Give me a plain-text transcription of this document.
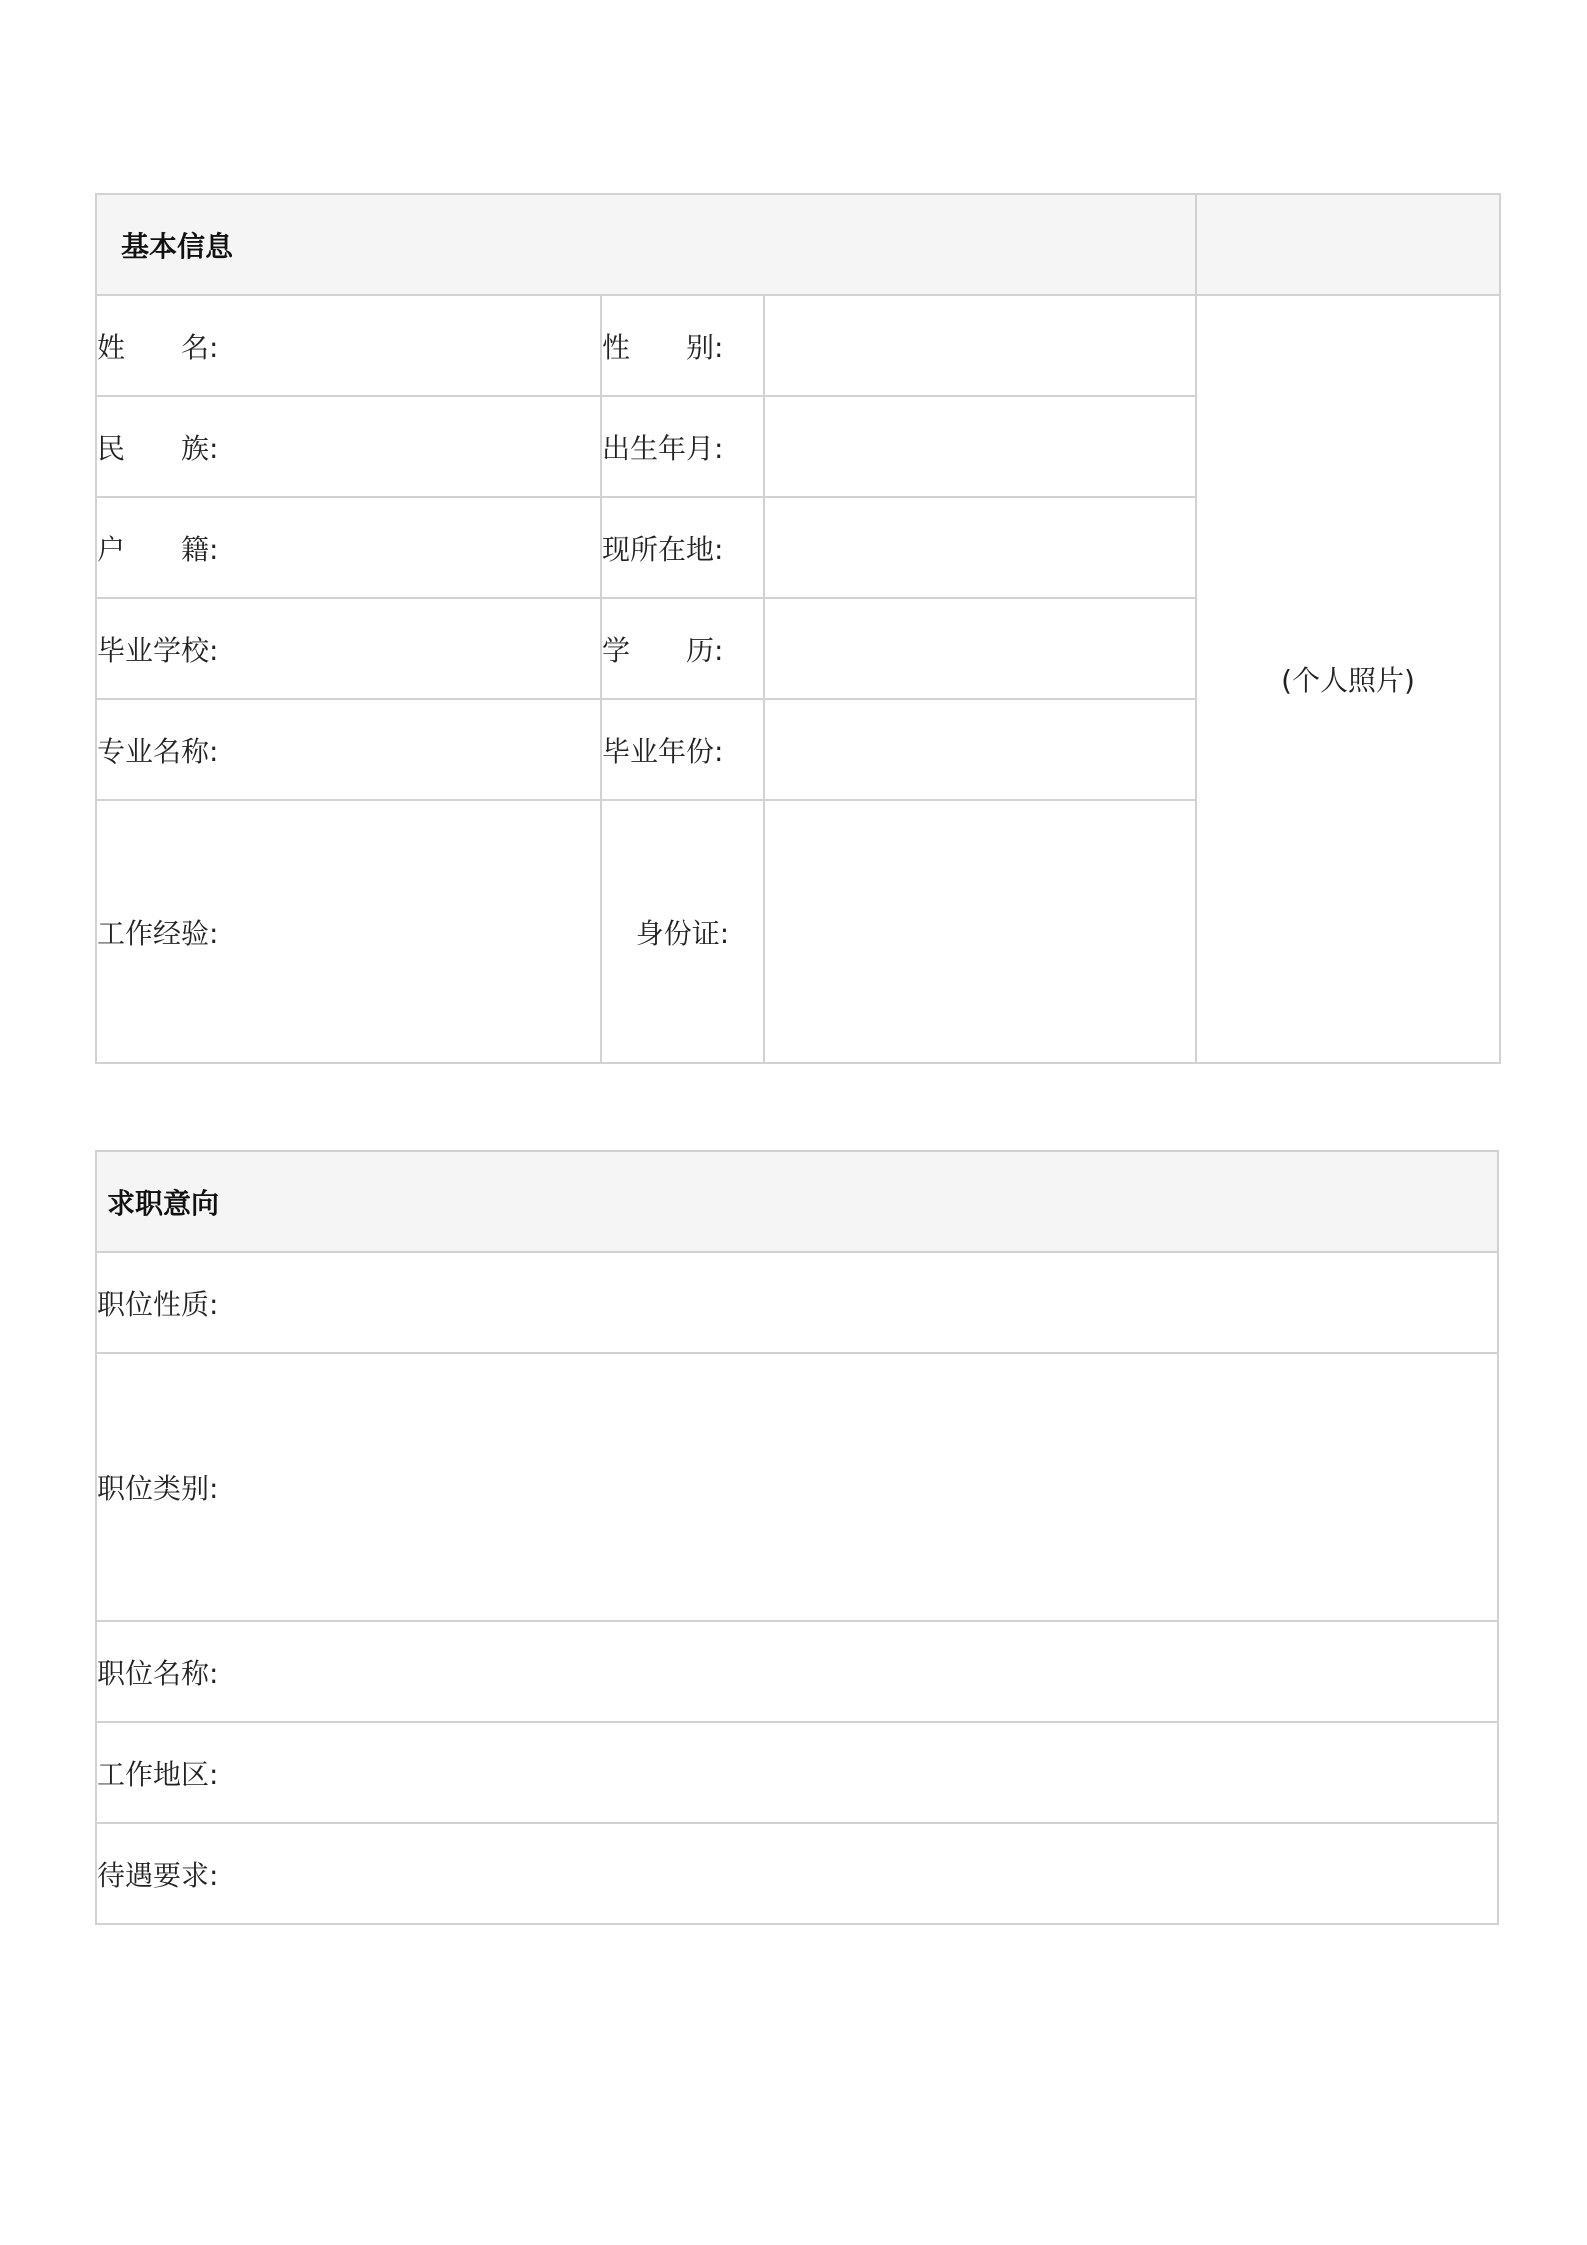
基本信息			
姓　　名:	性　　别:		(个人照片)
民　　族:	出生年月:		
户　　籍:	现所在地:		
毕业学校:	学　　历:		
专业名称:	毕业年份:		
工作经验:	身份证:		
求职意向
职位性质:
职位类别:
职位名称:
工作地区:
待遇要求:
